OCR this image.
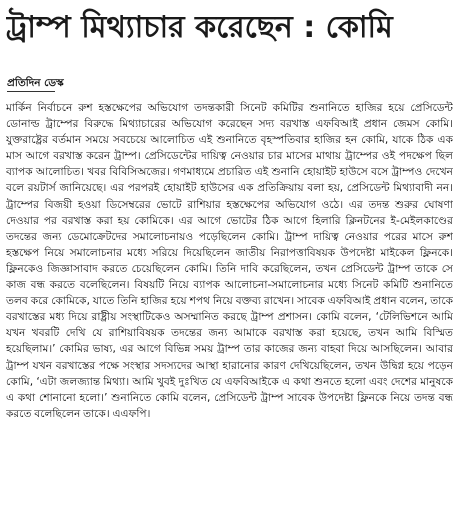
ট্রাম্প মিথ্যাচার করেছেন : কোমি
প্রতিদিন ডেস্ক

মার্কিন নির্বাচনে রুশ হস্তক্ষেপের অভিযোগ তদন্তকারী সিনেট কমিটির শুনানিতে হাজির হয়ে প্রেসিডেন্ট ডোনাল্ড ট্রাম্পের বিরুদ্ধে মিথ্যাচারের অভিযোগ করেছেন সদ্য বরখাস্ত এফবিআই প্রধান জেমস কোমি। যুক্তরাষ্ট্রের বর্তমান সময়ে সবচেয়ে আলোচিত এই শুনানিতে বৃহস্পতিবার হাজির হন কোমি, যাকে ঠিক এক মাস আগে বরখাস্ত করেন ট্রাম্প। প্রেসিডেন্টের দায়িত্ব নেওয়ার চার মাসের মাথায় ট্রাম্পের ওই পদক্ষেপ ছিল ব্যাপক আলোচিত। খবর বিবিসিঅজের। গণমাধ্যমে প্রচারিত এই শুনানি হোয়াইট হাউসে বসে ট্রাম্পও দেখেন বলে রয়টার্স জানিয়েছে। এর পরপরই হোয়াইট হাউসের এক প্রতিক্রিয়ায় বলা হয়, প্রেসিডেন্ট মিথ্যাবাদী নন। ট্রাম্পের বিজয়ী হওয়া ডিসেম্বরের ভোটে রাশিয়ার হস্তক্ষেপের অভিযোগ ওঠে। এর তদন্ত শুরুর ঘোষণা দেওয়ার পর বরখাস্ত করা হয় কোমিকে। এর আগে ভোটের ঠিক আগে হিলারি ক্লিনটনের ই-মেইলকাণ্ডের তদন্তের জন্য ডেমোক্রেটদের সমালোচনায়ও পড়েছিলেন কোমি। ট্রাম্প দায়িত্ব নেওয়ার পরের মাসে রুশ হস্তক্ষেপ নিয়ে সমালোচনার মধ্যে সরিয়ে দিয়েছিলেন জাতীয় নিরাপত্তাবিষয়ক উপদেষ্টা মাইকেল ফ্লিনকে। ফ্লিনকেও জিজ্ঞাসাবাদ করতে চেয়েছিলেন কোমি। তিনি দাবি করেছিলেন, তখন প্রেসিডেন্ট ট্রাম্প তাকে সে কাজ বন্ধ করতে বলেছিলেন। বিষয়টি নিয়ে ব্যাপক আলোচনা-সমালোচনার মধ্যে সিনেট কমিটি শুনানিতে তলব করে কোমিকে, যাতে তিনি হাজির হয়ে শপথ নিয়ে বক্তব্য রাখেন। সাবেক এফবিআই প্রধান বলেন, তাকে বরখাস্তের মধ্য দিয়ে রাষ্ট্রীয় সংস্থাটিকেও অসম্মানিত করছে ট্রাম্প প্রশাসন। কোমি বলেন, ‘টেলিভিশনে আমি যখন খবরটি দেখি যে রাশিয়াবিষয়ক তদন্তের জন্য আমাকে বরখাস্ত করা হয়েছে, তখন আমি বিস্মিত হয়েছিলাম।’ কোমির ভাষ্য, এর আগে বিভিন্ন সময় ট্রাম্প তার কাজের জন্য বাহবা দিয়ে আসছিলেন। আবার ট্রাম্প যখন বরখাস্তের পক্ষে সংস্থার সদস্যদের আস্থা হারানোর কারণ দেখিয়েছিলেন, তখন উদ্বিগ্ন হয়ে পড়েন কোমি, ‘এটা জলজ্যান্ত মিথ্যা। আমি খুবই দুঃখিত যে এফবিআইকে এ কথা শুনতে হলো এবং দেশের মানুষকে এ কথা শোনানো হলো।’ শুনানিতে কোমি বলেন, প্রেসিডেন্ট ট্রাম্প সাবেক উপদেষ্টা ফ্লিনকে নিয়ে তদন্ত বন্ধ করতে বলেছিলেন তাকে। এএফপি।
